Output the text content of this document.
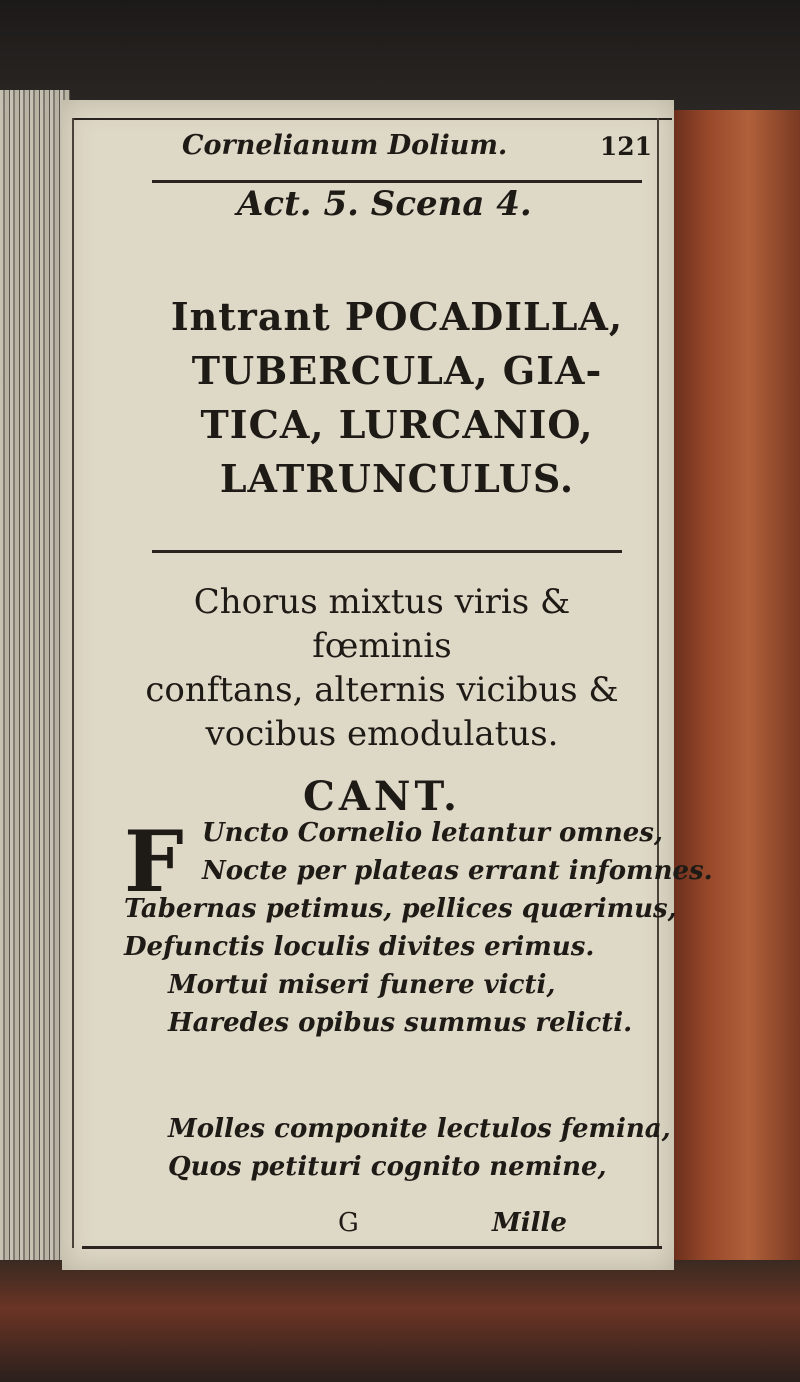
Cornelianum Dolium.	121
Act. 5. Scena 4.
Intrant POCADILLA,
TUBERCULA, GIA-
TICA, LURCANIO,
LATRUNCULUS.
Chorus mixtus viris & fœminis
conftans, alternis vicibus &
vocibus emodulatus.
CANT.
F Uncto Cornelio letantur omnes,
Nocte per plateas errant infomnes.
Tabernas petimus, pellices quærimus,
Defunctis loculis divites erimus.
Mortui miseri funere victi,
Haredes opibus summus relicti.
Molles componite lectulos femina,
Quos petituri cognito nemine,
G	Mille
